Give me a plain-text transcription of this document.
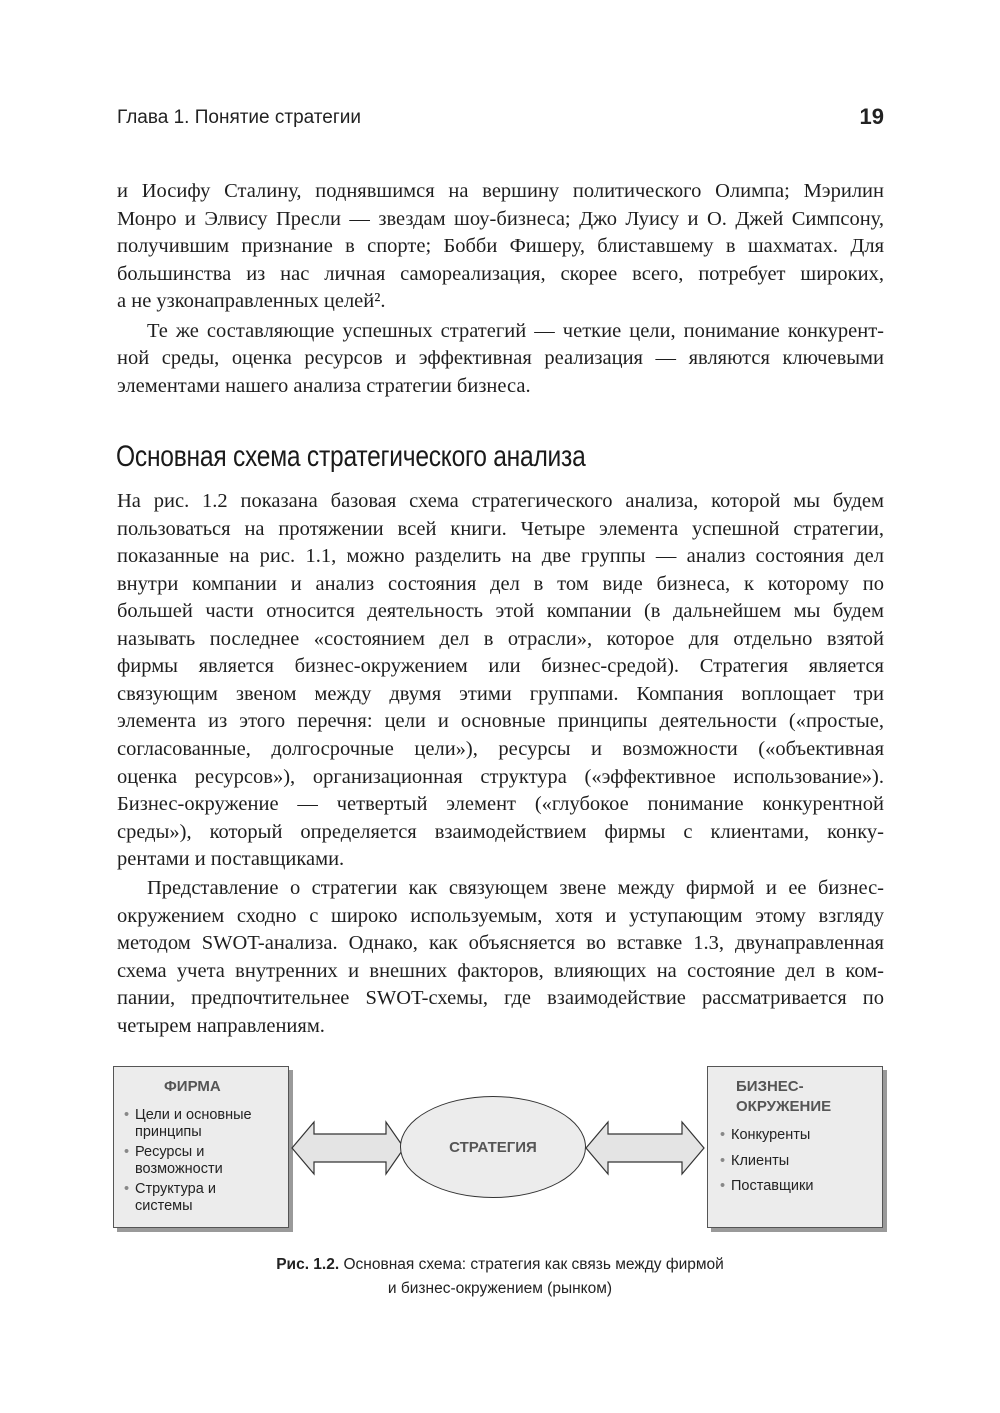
Глава 1. Понятие стратегии	19
и Иосифу Сталину, поднявшимся на вершину политического Олимпа; Мэрилин
Монро и Элвису Пресли — звездам шоу-бизнеса; Джо Луису и О. Джей Симпсону,
получившим признание в спорте; Бобби Фишеру, блиставшему в шахматах. Для
большинства из нас личная самореализация, скорее всего, потребует широких,
а не узконаправленных целей².
Те же составляющие успешных стратегий — четкие цели, понимание конкурент-
ной среды, оценка ресурсов и эффективная реализация — являются ключевыми
элементами нашего анализа стратегии бизнеса.
Основная схема стратегического анализа
На рис. 1.2 показана базовая схема стратегического анализа, которой мы будем
пользоваться на протяжении всей книги. Четыре элемента успешной стратегии,
показанные на рис. 1.1, можно разделить на две группы — анализ состояния дел
внутри компании и анализ состояния дел в том виде бизнеса, к которому по
большей части относится деятельность этой компании (в дальнейшем мы будем
называть последнее «состоянием дел в отрасли», которое для отдельно взятой
фирмы является бизнес-окружением или бизнес-средой). Стратегия является
связующим звеном между двумя этими группами. Компания воплощает три
элемента из этого перечня: цели и основные принципы деятельности («простые,
согласованные, долгосрочные цели»), ресурсы и возможности («объективная
оценка ресурсов»), организационная структура («эффективное использование»).
Бизнес-окружение — четвертый элемент («глубокое понимание конкурентной
среды»), который определяется взаимодействием фирмы с клиентами, конку-
рентами и поставщиками.
Представление о стратегии как связующем звене между фирмой и ее бизнес-
окружением сходно с широко используемым, хотя и уступающим этому взгляду
методом SWOT-анализа. Однако, как объясняется во вставке 1.3, двунаправленная
схема учета внутренних и внешних факторов, влияющих на состояние дел в ком-
пании, предпочтительнее SWOT-схемы, где взаимодействие рассматривается по
четырем направлениям.
ФИРМА
• Цели и основные принципы
• Ресурсы и возможности
• Структура и системы
СТРАТЕГИЯ
БИЗНЕС-
ОКРУЖЕНИЕ
• Конкуренты
• Клиенты
• Поставщики
Рис. 1.2. Основная схема: стратегия как связь между фирмой
и бизнес-окружением (рынком)
